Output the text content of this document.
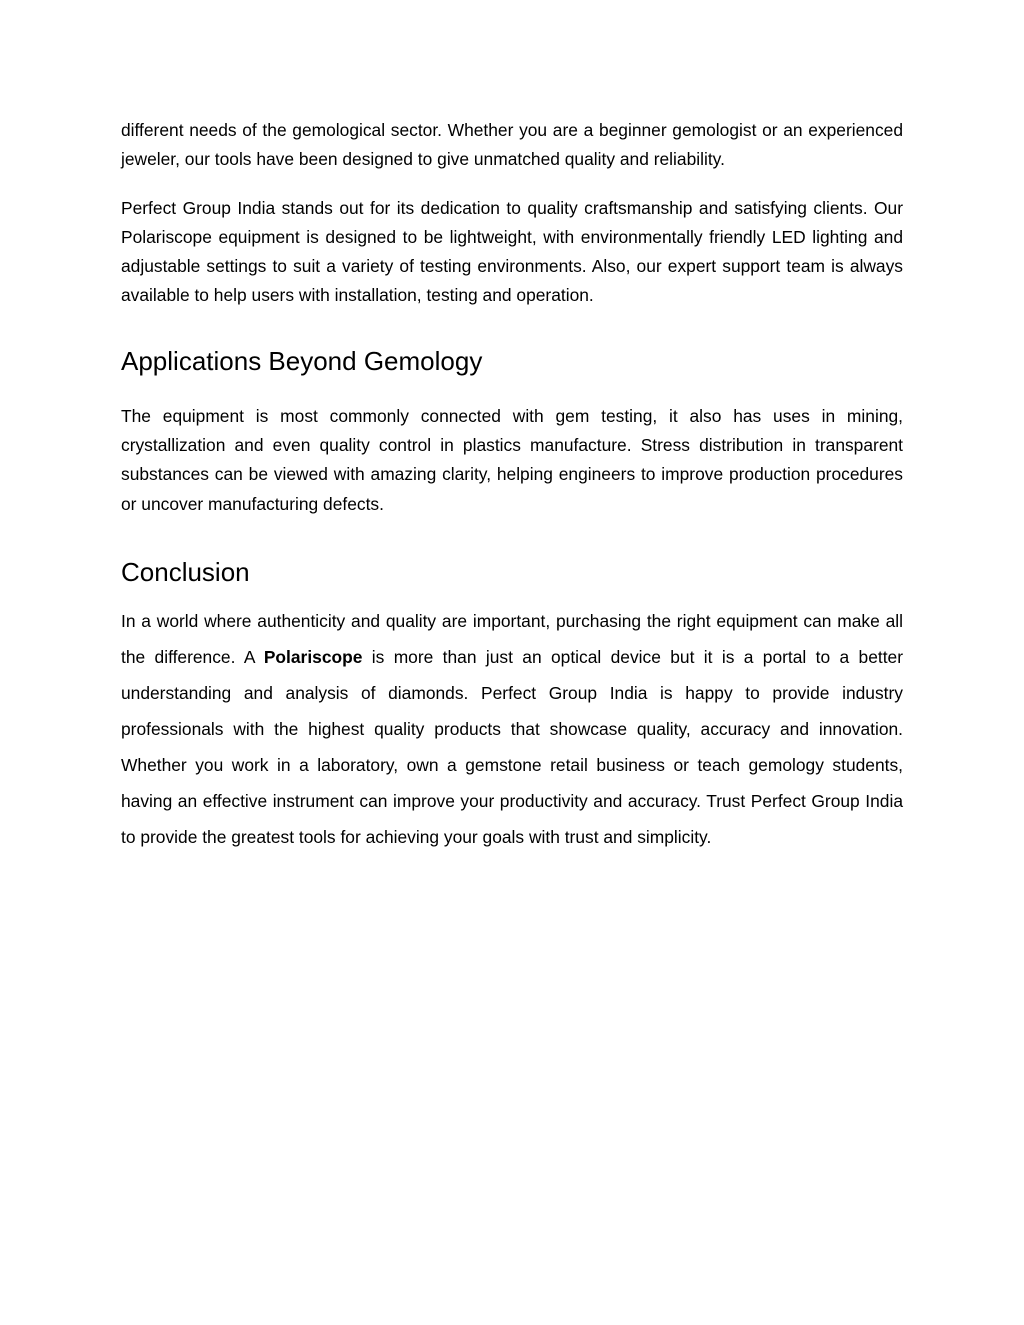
different needs of the gemological sector. Whether you are a beginner gemologist or an experienced jeweler, our tools have been designed to give unmatched quality and reliability.

Perfect Group India stands out for its dedication to quality craftsmanship and satisfying clients. Our Polariscope equipment is designed to be lightweight, with environmentally friendly LED lighting and adjustable settings to suit a variety of testing environments. Also, our expert support team is always available to help users with installation, testing and operation.

Applications Beyond Gemology

The equipment is most commonly connected with gem testing, it also has uses in mining, crystallization and even quality control in plastics manufacture. Stress distribution in transparent substances can be viewed with amazing clarity, helping engineers to improve production procedures or uncover manufacturing defects.

Conclusion

In a world where authenticity and quality are important, purchasing the right equipment can make all the difference. A Polariscope is more than just an optical device but it is a portal to a better understanding and analysis of diamonds. Perfect Group India is happy to provide industry professionals with the highest quality products that showcase quality, accuracy and innovation. Whether you work in a laboratory, own a gemstone retail business or teach gemology students, having an effective instrument can improve your productivity and accuracy. Trust Perfect Group India to provide the greatest tools for achieving your goals with trust and simplicity.
